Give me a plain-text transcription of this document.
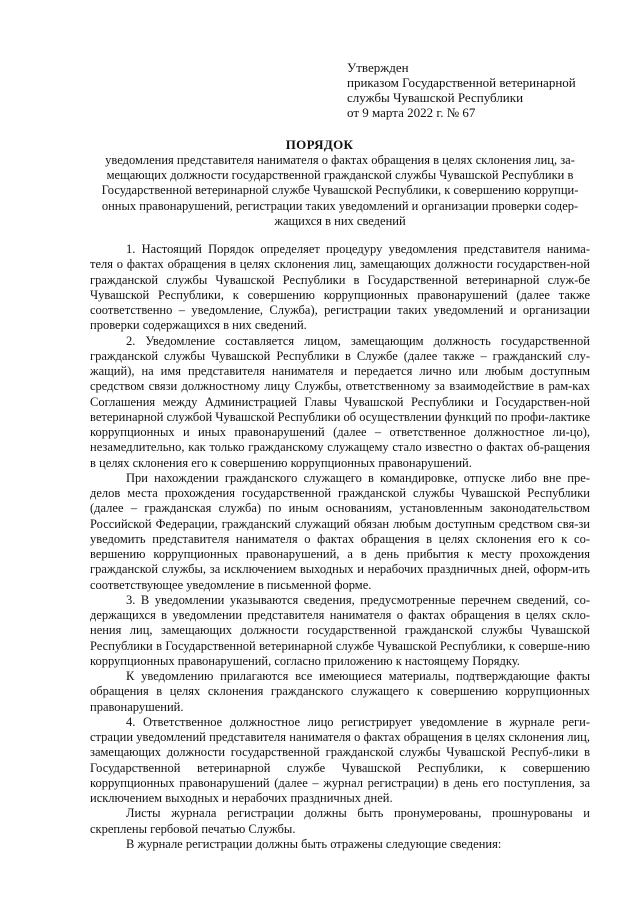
Утвержден
приказом Государственной ветеринарной
службы Чувашской Республики
от 9 марта 2022 г. № 67
ПОРЯДОК
уведомления представителя нанимателя о фактах обращения в целях склонения лиц, за-
мещающих должности государственной гражданской службы Чувашской Республики в
Государственной ветеринарной службе Чувашской Республики, к совершению коррупци-
онных правонарушений, регистрации таких уведомлений и организации проверки содер-
жащихся в них сведений

1. Настоящий Порядок определяет процедуру уведомления представителя нанима-теля о фактах обращения в целях склонения лиц, замещающих должности государствен-ной гражданской службы Чувашской Республики в Государственной ветеринарной служ-бе Чувашской Республики, к совершению коррупционных правонарушений (далее также соответственно – уведомление, Служба), регистрации таких уведомлений и организации проверки содержащихся в них сведений.

2. Уведомление составляется лицом, замещающим должность государственной гражданской службы Чувашской Республики в Службе (далее также – гражданский слу-жащий), на имя представителя нанимателя и передается лично или любым доступным средством связи должностному лицу Службы, ответственному за взаимодействие в рам-ках Соглашения между Администрацией Главы Чувашской Республики и Государствен-ной ветеринарной службой Чувашской Республики об осуществлении функций по профи-лактике коррупционных и иных правонарушений (далее – ответственное должностное ли-цо), незамедлительно, как только гражданскому служащему стало известно о фактах об-ращения в целях склонения его к совершению коррупционных правонарушений.

При нахождении гражданского служащего в командировке, отпуске либо вне пре-делов места прохождения государственной гражданской службы Чувашской Республики (далее – гражданская служба) по иным основаниям, установленным законодательством Российской Федерации, гражданский служащий обязан любым доступным средством свя-зи уведомить представителя нанимателя о фактах обращения в целях склонения его к со-вершению коррупционных правонарушений, а в день прибытия к месту прохождения гражданской службы, за исключением выходных и нерабочих праздничных дней, оформ-ить соответствующее уведомление в письменной форме.

3. В уведомлении указываются сведения, предусмотренные перечнем сведений, со-держащихся в уведомлении представителя нанимателя о фактах обращения в целях скло-нения лиц, замещающих должности государственной гражданской службы Чувашской Республики в Государственной ветеринарной службе Чувашской Республики, к соверше-нию коррупционных правонарушений, согласно приложению к настоящему Порядку.

К уведомлению прилагаются все имеющиеся материалы, подтверждающие факты обращения в целях склонения гражданского служащего к совершению коррупционных правонарушений.

4. Ответственное должностное лицо регистрирует уведомление в журнале реги-страции уведомлений представителя нанимателя о фактах обращения в целях склонения лиц, замещающих должности государственной гражданской службы Чувашской Респуб-лики в Государственной ветеринарной службе Чувашской Республики, к совершению коррупционных правонарушений (далее – журнал регистрации) в день его поступления, за исключением выходных и нерабочих праздничных дней.

Листы журнала регистрации должны быть пронумерованы, прошнурованы и скреплены гербовой печатью Службы.

В журнале регистрации должны быть отражены следующие сведения:
